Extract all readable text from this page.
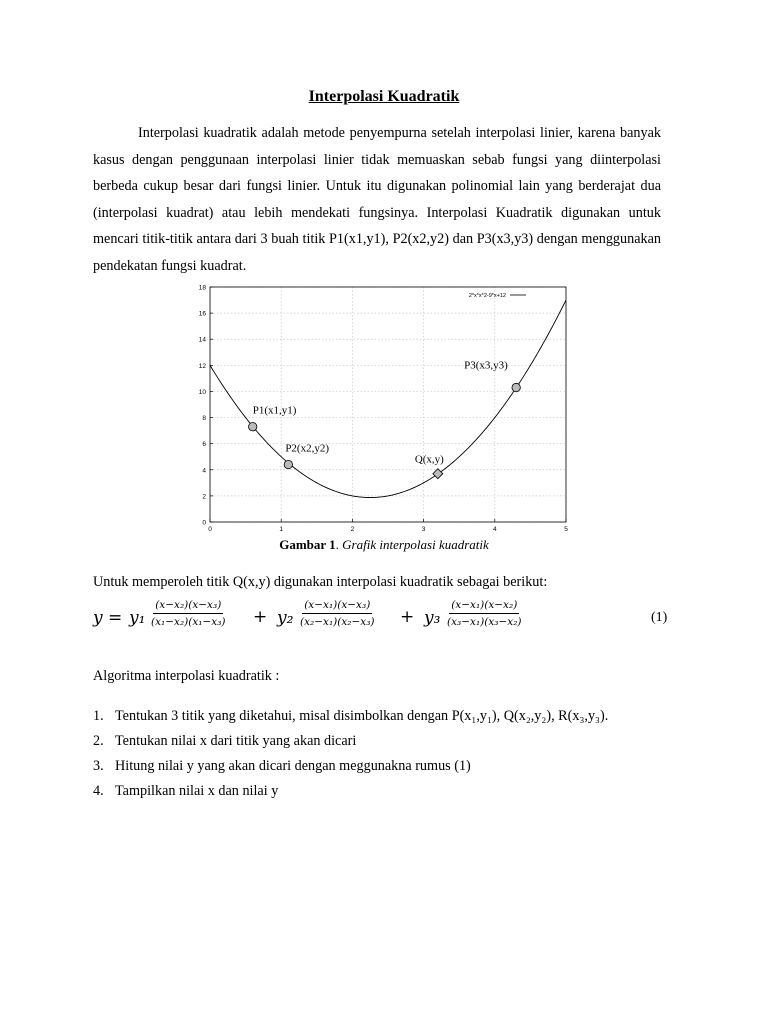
Interpolasi Kuadratik

Interpolasi kuadratik adalah metode penyempurna setelah interpolasi linier, karena banyak kasus dengan penggunaan interpolasi linier tidak memuaskan sebab fungsi yang diinterpolasi berbeda cukup besar dari fungsi linier. Untuk itu digunakan polinomial lain yang berderajat dua (interpolasi kuadrat) atau lebih mendekati fungsinya. Interpolasi Kuadratik digunakan untuk mencari titik-titik antara dari 3 buah titik P1(x1,y1), P2(x2,y2) dan P3(x3,y3) dengan menggunakan pendekatan fungsi kuadrat.

0	1	2	3	4	5
0
2
4
6
8
10
12
14
16
18
2*x*x*2-9*x+12
P1(x1,y1)
P2(x2,y2)
Q(x,y)
P3(x3,y3)

Gambar 1. Grafik interpolasi kuadratik

Untuk memperoleh titik Q(x,y) digunakan interpolasi kuadratik sebagai berikut:

$y = y_1 \frac{\text{(x−x₂)(x−x₃)}}{\text{(x₁−x₂)(x₁−x₃)}} + y_2 \frac{\text{(x−x₁)(x−x₃)}}{\text{(x₂−x₁)(x₂−x₃)}} + y_3 \frac{\text{(x−x₁)(x−x₂)}}{\text{(x₃−x₁)(x₃−x₂)}}$	(1)

Algoritma interpolasi kuadratik :

1. Tentukan 3 titik yang diketahui, misal disimbolkan dengan P(x₁,y₁), Q(x₂,y₂), R(x₃,y₃).
2. Tentukan nilai x dari titik yang akan dicari
3. Hitung nilai y yang akan dicari dengan meggunakna rumus (1)
4. Tampilkan nilai x dan nilai y
